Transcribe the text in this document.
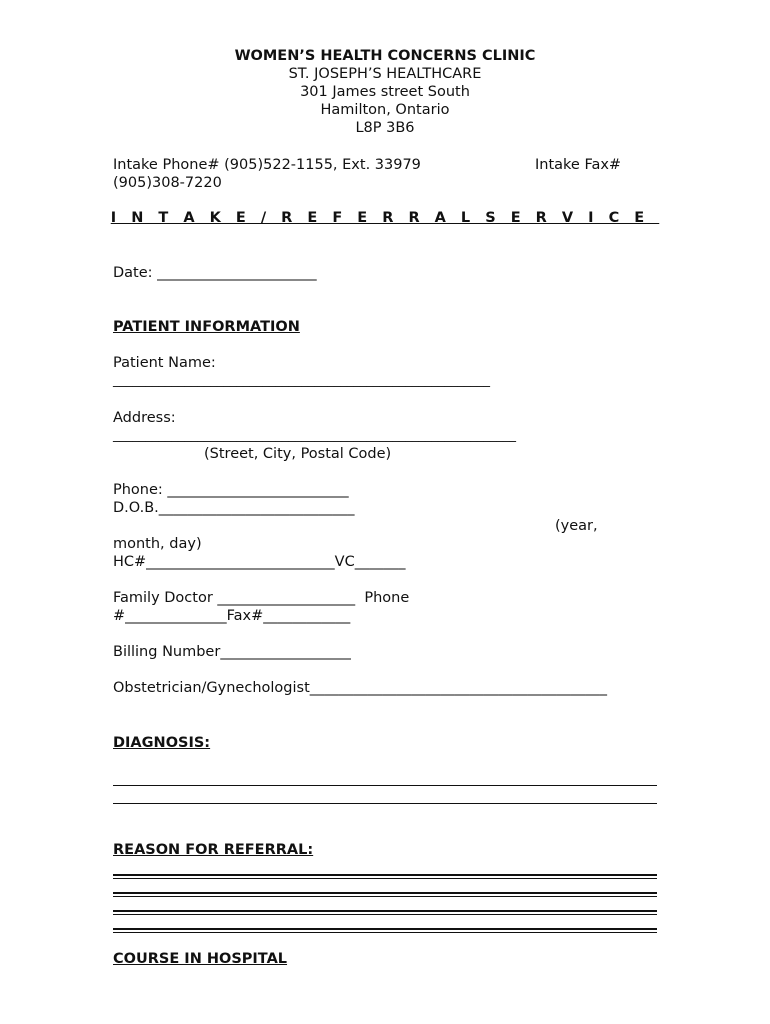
WOMEN’S HEALTH CONCERNS CLINIC
ST. JOSEPH’S HEALTHCARE
301 James street South
Hamilton, Ontario
L8P 3B6
Intake Phone# (905)522-1155, Ext. 33979	Intake Fax#
(905)308-7220
I N T A K E / R E F E R R A L S E R V I C E
Date: ______________________
PATIENT INFORMATION
Patient Name:
__________________________________________________________
Address:
______________________________________________________________
(Street, City, Postal Code)
Phone: _________________________
D.O.B.___________________________
(year,
month, day)
HC#__________________________VC_______
Family Doctor ___________________  Phone
#______________Fax#____________
Billing Number__________________
Obstetrician/Gynechologist_________________________________________
DIAGNOSIS:
REASON FOR REFERRAL:
COURSE IN HOSPITAL
